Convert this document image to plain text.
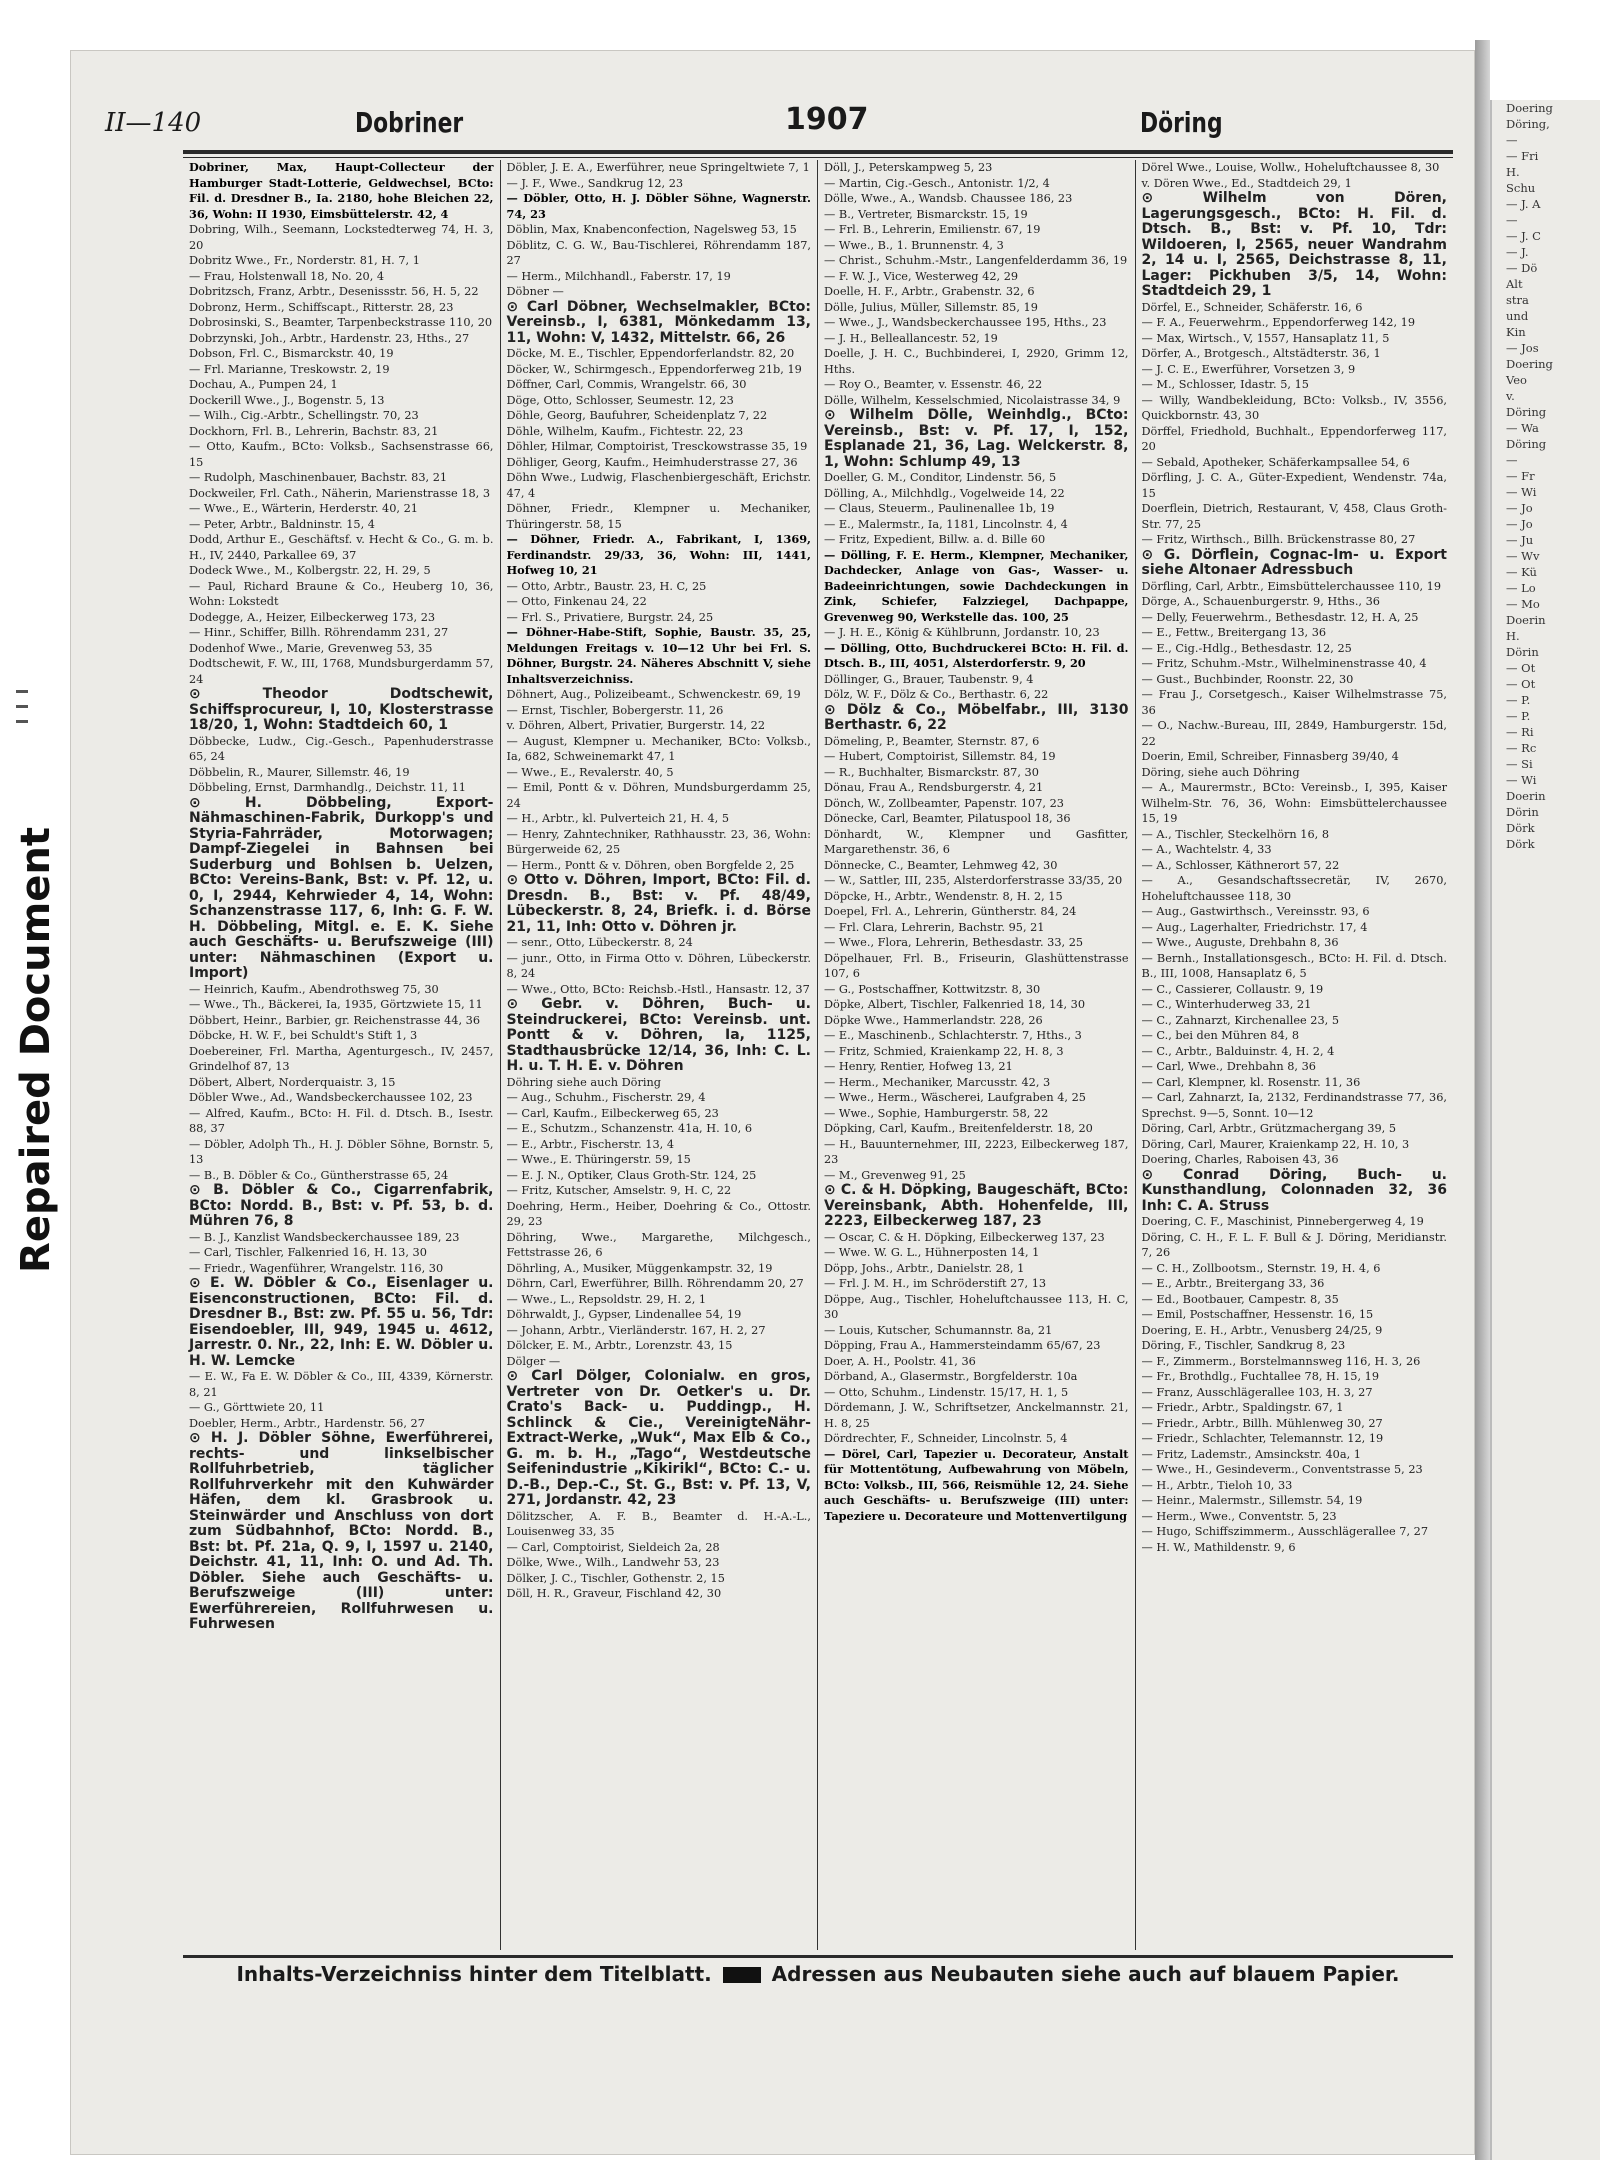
Repaired Document
Doering
Döring,
—
— Fri
H.
Schu
— J. A
—
— J. C
— J.
— Dö
Alt
stra
und
Kin
— Jos
Doering
Veo
v.
Döring
— Wa
Döring
—
— Fr
— Wi
— Jo
— Jo
— Ju
— Wv
— Kü
— Lo
— Mo
Doerin
H.
Dörin
— Ot
— Ot
— P.
— P.
— Ri
— Rc
— Si
— Wi
Doerin
Dörin
Dörk
Dörk
II—140	Dobriner	1907	Döring

Dobriner, Max, Haupt-Collecteur der Hamburger Stadt-Lotterie, Geldwechsel, BCto: Fil. d. Dresdner B., Ia. 2180, hohe Bleichen 22, 36, Wohn: II 1930, Eimsbüttelerstr. 42, 4

Dobring, Wilh., Seemann, Lockstedterweg 74, H. 3, 20

Dobritz Wwe., Fr., Norderstr. 81, H. 7, 1

— Frau, Holstenwall 18, No. 20, 4

Dobritzsch, Franz, Arbtr., Desenissstr. 56, H. 5, 22

Dobronz, Herm., Schiffscapt., Ritterstr. 28, 23

Dobrosinski, S., Beamter, Tarpenbeckstrasse 110, 20

Dobrzynski, Joh., Arbtr., Hardenstr. 23, Hths., 27

Dobson, Frl. C., Bismarckstr. 40, 19

— Frl. Marianne, Treskowstr. 2, 19

Dochau, A., Pumpen 24, 1

Dockerill Wwe., J., Bogenstr. 5, 13

— Wilh., Cig.-Arbtr., Schellingstr. 70, 23

Dockhorn, Frl. B., Lehrerin, Bachstr. 83, 21

— Otto, Kaufm., BCto: Volksb., Sachsenstrasse 66, 15

— Rudolph, Maschinenbauer, Bachstr. 83, 21

Dockweiler, Frl. Cath., Näherin, Marienstrasse 18, 3

— Wwe., E., Wärterin, Herderstr. 40, 21

— Peter, Arbtr., Baldninstr. 15, 4

Dodd, Arthur E., Geschäftsf. v. Hecht & Co., G. m. b. H., IV, 2440, Parkallee 69, 37

Dodeck Wwe., M., Kolbergstr. 22, H. 29, 5

— Paul, Richard Braune & Co., Heuberg 10, 36, Wohn: Lokstedt

Dodegge, A., Heizer, Eilbeckerweg 173, 23

— Hinr., Schiffer, Billh. Röhrendamm 231, 27

Dodenhof Wwe., Marie, Grevenweg 53, 35

Dodtschewit, F. W., III, 1768, Mundsburgerdamm 57, 24

⊙ Theodor Dodtschewit, Schiffsprocureur, I, 10, Klosterstrasse 18/20, 1, Wohn: Stadtdeich 60, 1

Döbbecke, Ludw., Cig.-Gesch., Papenhuderstrasse 65, 24

Döbbelin, R., Maurer, Sillemstr. 46, 19

Döbbeling, Ernst, Darmhandlg., Deichstr. 11, 11

⊙ H. Döbbeling, Export-Nähmaschinen-Fabrik, Durkopp's und Styria-Fahrräder, Motorwagen; Dampf-Ziegelei in Bahnsen bei Suderburg und Bohlsen b. Uelzen, BCto: Vereins-Bank, Bst: v. Pf. 12, u. 0, I, 2944, Kehrwieder 4, 14, Wohn: Schanzenstrasse 117, 6, Inh: G. F. W. H. Döbbeling, Mitgl. e. E. K. Siehe auch Geschäfts- u. Berufszweige (III) unter: Nähmaschinen (Export u. Import)

— Heinrich, Kaufm., Abendrothsweg 75, 30

— Wwe., Th., Bäckerei, Ia, 1935, Görtzwiete 15, 11

Döbbert, Heinr., Barbier, gr. Reichenstrasse 44, 36

Döbcke, H. W. F., bei Schuldt's Stift 1, 3

Doebereiner, Frl. Martha, Agenturgesch., IV, 2457, Grindelhof 87, 13

Döbert, Albert, Norderquaistr. 3, 15

Döbler Wwe., Ad., Wandsbeckerchaussee 102, 23

— Alfred, Kaufm., BCto: H. Fil. d. Dtsch. B., Isestr. 88, 37

— Döbler, Adolph Th., H. J. Döbler Söhne, Bornstr. 5, 13

— B., B. Döbler & Co., Güntherstrasse 65, 24

⊙ B. Döbler & Co., Cigarrenfabrik, BCto: Nordd. B., Bst: v. Pf. 53, b. d. Mühren 76, 8

— B. J., Kanzlist Wandsbeckerchaussee 189, 23

— Carl, Tischler, Falkenried 16, H. 13, 30

— Friedr., Wagenführer, Wrangelstr. 116, 30

⊙ E. W. Döbler & Co., Eisenlager u. Eisenconstructionen, BCto: Fil. d. Dresdner B., Bst: zw. Pf. 55 u. 56, Tdr: Eisendoebler, III, 949, 1945 u. 4612, Jarrestr. 0. Nr., 22, Inh: E. W. Döbler u. H. W. Lemcke

— E. W., Fa E. W. Döbler & Co., III, 4339, Körnerstr. 8, 21

— G., Görttwiete 20, 11

Doebler, Herm., Arbtr., Hardenstr. 56, 27

⊙ H. J. Döbler Söhne, Ewerführerei, rechts- und linkselbischer Rollfuhrbetrieb, täglicher Rollfuhrverkehr mit den Kuhwärder Häfen, dem kl. Grasbrook u. Steinwärder und Anschluss von dort zum Südbahnhof, BCto: Nordd. B., Bst: bt. Pf. 21a, Q. 9, I, 1597 u. 2140, Deichstr. 41, 11, Inh: O. und Ad. Th. Döbler. Siehe auch Geschäfts- u. Berufszweige (III) unter: Ewerführereien, Rollfuhrwesen u. Fuhrwesen

Döbler, J. E. A., Ewerführer, neue Springeltwiete 7, 1

— J. F., Wwe., Sandkrug 12, 23

— Döbler, Otto, H. J. Döbler Söhne, Wagnerstr. 74, 23

Döblin, Max, Knabenconfection, Nagelsweg 53, 15

Döblitz, C. G. W., Bau-Tischlerei, Röhrendamm 187, 27

— Herm., Milchhandl., Faberstr. 17, 19

Döbner —

⊙ Carl Döbner, Wechselmakler, BCto: Vereinsb., I, 6381, Mönkedamm 13, 11, Wohn: V, 1432, Mittelstr. 66, 26

Döcke, M. E., Tischler, Eppendorferlandstr. 82, 20

Döcker, W., Schirmgesch., Eppendorferweg 21b, 19

Döffner, Carl, Commis, Wrangelstr. 66, 30

Döge, Otto, Schlosser, Seumestr. 12, 23

Döhle, Georg, Baufuhrer, Scheidenplatz 7, 22

Döhle, Wilhelm, Kaufm., Fichtestr. 22, 23

Döhler, Hilmar, Comptoirist, Tresckowstrasse 35, 19

Döhliger, Georg, Kaufm., Heimhuderstrasse 27, 36

Döhn Wwe., Ludwig, Flaschenbiergeschäft, Erichstr. 47, 4

Döhner, Friedr., Klempner u. Mechaniker, Thüringerstr. 58, 15

— Döhner, Friedr. A., Fabrikant, I, 1369, Ferdinandstr. 29/33, 36, Wohn: III, 1441, Hofweg 10, 21

— Otto, Arbtr., Baustr. 23, H. C, 25

— Otto, Finkenau 24, 22

— Frl. S., Privatiere, Burgstr. 24, 25

— Döhner-Habe-Stift, Sophie, Baustr. 35, 25, Meldungen Freitags v. 10—12 Uhr bei Frl. S. Döhner, Burgstr. 24. Näheres Abschnitt V, siehe Inhaltsverzeichniss.

Döhnert, Aug., Polizeibeamt., Schwenckestr. 69, 19

— Ernst, Tischler, Bobergerstr. 11, 26

v. Döhren, Albert, Privatier, Burgerstr. 14, 22

— August, Klempner u. Mechaniker, BCto: Volksb., Ia, 682, Schweinemarkt 47, 1

— Wwe., E., Revalerstr. 40, 5

— Emil, Pontt & v. Döhren, Mundsburgerdamm 25, 24

— H., Arbtr., kl. Pulverteich 21, H. 4, 5

— Henry, Zahntechniker, Rathhausstr. 23, 36, Wohn: Bürgerweide 62, 25

— Herm., Pontt & v. Döhren, oben Borgfelde 2, 25

⊙ Otto v. Döhren, Import, BCto: Fil. d. Dresdn. B., Bst: v. Pf. 48/49, Lübeckerstr. 8, 24, Briefk. i. d. Börse 21, 11, Inh: Otto v. Döhren jr.

— senr., Otto, Lübeckerstr. 8, 24

— junr., Otto, in Firma Otto v. Döhren, Lübeckerstr. 8, 24

— Wwe., Otto, BCto: Reichsb.-Hstl., Hansastr. 12, 37

⊙ Gebr. v. Döhren, Buch- u. Steindruckerei, BCto: Vereinsb. unt. Pontt & v. Döhren, Ia, 1125, Stadthausbrücke 12/14, 36, Inh: C. L. H. u. T. H. E. v. Döhren

Döhring siehe auch Döring

— Aug., Schuhm., Fischerstr. 29, 4

— Carl, Kaufm., Eilbeckerweg 65, 23

— E., Schutzm., Schanzenstr. 41a, H. 10, 6

— E., Arbtr., Fischerstr. 13, 4

— Wwe., E. Thüringerstr. 59, 15

— E. J. N., Optiker, Claus Groth-Str. 124, 25

— Fritz, Kutscher, Amselstr. 9, H. C, 22

Doehring, Herm., Heiber, Doehring & Co., Ottostr. 29, 23

Döhring, Wwe., Margarethe, Milchgesch., Fettstrasse 26, 6

Döhrling, A., Musiker, Müggenkampstr. 32, 19

Döhrn, Carl, Ewerführer, Billh. Röhrendamm 20, 27

— Wwe., L., Repsoldstr. 29, H. 2, 1

Döhrwaldt, J., Gypser, Lindenallee 54, 19

— Johann, Arbtr., Vierländerstr. 167, H. 2, 27

Dölcker, E. M., Arbtr., Lorenzstr. 43, 15

Dölger —

⊙ Carl Dölger, Colonialw. en gros, Vertreter von Dr. Oetker's u. Dr. Crato's Back- u. Puddingp., H. Schlinck & Cie., VereinigteNähr-Extract-Werke, „Wuk“, Max Elb & Co., G. m. b. H., „Tago“, Westdeutsche Seifenindustrie „Kikirikl“, BCto: C.- u. D.-B., Dep.-C., St. G., Bst: v. Pf. 13, V, 271, Jordanstr. 42, 23

Dölitzscher, A. F. B., Beamter d. H.-A.-L., Louisenweg 33, 35

— Carl, Comptoirist, Sieldeich 2a, 28

Dölke, Wwe., Wilh., Landwehr 53, 23

Dölker, J. C., Tischler, Gothenstr. 2, 15

Döll, H. R., Graveur, Fischland 42, 30

Döll, J., Peterskampweg 5, 23

— Martin, Cig.-Gesch., Antonistr. 1/2, 4

Dölle, Wwe., A., Wandsb. Chaussee 186, 23

— B., Vertreter, Bismarckstr. 15, 19

— Frl. B., Lehrerin, Emilienstr. 67, 19

— Wwe., B., 1. Brunnenstr. 4, 3

— Christ., Schuhm.-Mstr., Langenfelderdamm 36, 19

— F. W. J., Vice, Westerweg 42, 29

Doelle, H. F., Arbtr., Grabenstr. 32, 6

Dölle, Julius, Müller, Sillemstr. 85, 19

— Wwe., J., Wandsbeckerchaussee 195, Hths., 23

— J. H., Belleallancestr. 52, 19

Doelle, J. H. C., Buchbinderei, I, 2920, Grimm 12, Hths.

— Roy O., Beamter, v. Essenstr. 46, 22

Dölle, Wilhelm, Kesselschmied, Nicolaistrasse 34, 9

⊙ Wilhelm Dölle, Weinhdlg., BCto: Vereinsb., Bst: v. Pf. 17, I, 152, Esplanade 21, 36, Lag. Welckerstr. 8, 1, Wohn: Schlump 49, 13

Doeller, G. M., Conditor, Lindenstr. 56, 5

Dölling, A., Milchhdlg., Vogelweide 14, 22

— Claus, Steuerm., Paulinenallee 1b, 19

— E., Malermstr., Ia, 1181, Lincolnstr. 4, 4

— Fritz, Expedient, Billw. a. d. Bille 60

— Dölling, F. E. Herm., Klempner, Mechaniker, Dachdecker, Anlage von Gas-, Wasser- u. Badeeinrichtungen, sowie Dachdeckungen in Zink, Schiefer, Falzziegel, Dachpappe, Grevenweg 90, Werkstelle das. 100, 25

— J. H. E., König & Kühlbrunn, Jordanstr. 10, 23

— Dölling, Otto, Buchdruckerei BCto: H. Fil. d. Dtsch. B., III, 4051, Alsterdorferstr. 9, 20

Döllinger, G., Brauer, Taubenstr. 9, 4

Dölz, W. F., Dölz & Co., Berthastr. 6, 22

⊙ Dölz & Co., Möbelfabr., III, 3130 Berthastr. 6, 22

Dömeling, P., Beamter, Sternstr. 87, 6

— Hubert, Comptoirist, Sillemstr. 84, 19

— R., Buchhalter, Bismarckstr. 87, 30

Dönau, Frau A., Rendsburgerstr. 4, 21

Dönch, W., Zollbeamter, Papenstr. 107, 23

Dönecke, Carl, Beamter, Pilatuspool 18, 36

Dönhardt, W., Klempner und Gasfitter, Margarethenstr. 36, 6

Dönnecke, C., Beamter, Lehmweg 42, 30

— W., Sattler, III, 235, Alsterdorferstrasse 33/35, 20

Döpcke, H., Arbtr., Wendenstr. 8, H. 2, 15

Doepel, Frl. A., Lehrerin, Güntherstr. 84, 24

— Frl. Clara, Lehrerin, Bachstr. 95, 21

— Wwe., Flora, Lehrerin, Bethesdastr. 33, 25

Döpelhauer, Frl. B., Friseurin, Glashüttenstrasse 107, 6

— G., Postschaffner, Kottwitzstr. 8, 30

Döpke, Albert, Tischler, Falkenried 18, 14, 30

Döpke Wwe., Hammerlandstr. 228, 26

— E., Maschinenb., Schlachterstr. 7, Hths., 3

— Fritz, Schmied, Kraienkamp 22, H. 8, 3

— Henry, Rentier, Hofweg 13, 21

— Herm., Mechaniker, Marcusstr. 42, 3

— Wwe., Herm., Wäscherei, Laufgraben 4, 25

— Wwe., Sophie, Hamburgerstr. 58, 22

Döpking, Carl, Kaufm., Breitenfelderstr. 18, 20

— H., Bauunternehmer, III, 2223, Eilbeckerweg 187, 23

— M., Grevenweg 91, 25

⊙ C. & H. Döpking, Baugeschäft, BCto: Vereinsbank, Abth. Hohenfelde, III, 2223, Eilbeckerweg 187, 23

— Oscar, C. & H. Döpking, Eilbeckerweg 137, 23

— Wwe. W. G. L., Hühnerposten 14, 1

Döpp, Johs., Arbtr., Danielstr. 28, 1

— Frl. J. M. H., im Schröderstift 27, 13

Döppe, Aug., Tischler, Hoheluftchaussee 113, H. C, 30

— Louis, Kutscher, Schumannstr. 8a, 21

Döpping, Frau A., Hammersteindamm 65/67, 23

Doer, A. H., Poolstr. 41, 36

Dörband, A., Glasermstr., Borgfelderstr. 10a

— Otto, Schuhm., Lindenstr. 15/17, H. 1, 5

Dördemann, J. W., Schriftsetzer, Anckelmannstr. 21, H. 8, 25

Dördrechter, F., Schneider, Lincolnstr. 5, 4

— Dörel, Carl, Tapezier u. Decorateur, Anstalt für Mottentötung, Aufbewahrung von Möbeln, BCto: Volksb., III, 566, Reismühle 12, 24. Siehe auch Geschäfts- u. Berufszweige (III) unter: Tapeziere u. Decorateure und Mottenvertilgung

Dörel Wwe., Louise, Wollw., Hoheluftchaussee 8, 30

v. Dören Wwe., Ed., Stadtdeich 29, 1

⊙ Wilhelm von Dören, Lagerungsgesch., BCto: H. Fil. d. Dtsch. B., Bst: v. Pf. 10, Tdr: Wildoeren, I, 2565, neuer Wandrahm 2, 14 u. I, 2565, Deichstrasse 8, 11, Lager: Pickhuben 3/5, 14, Wohn: Stadtdeich 29, 1

Dörfel, E., Schneider, Schäferstr. 16, 6

— F. A., Feuerwehrm., Eppendorferweg 142, 19

— Max, Wirtsch., V, 1557, Hansaplatz 11, 5

Dörfer, A., Brotgesch., Altstädterstr. 36, 1

— J. C. E., Ewerführer, Vorsetzen 3, 9

— M., Schlosser, Idastr. 5, 15

— Willy, Wandbekleidung, BCto: Volksb., IV, 3556, Quickbornstr. 43, 30

Dörffel, Friedhold, Buchhalt., Eppendorferweg 117, 20

— Sebald, Apotheker, Schäferkampsallee 54, 6

Dörfling, J. C. A., Güter-Expedient, Wendenstr. 74a, 15

Doerflein, Dietrich, Restaurant, V, 458, Claus Groth-Str. 77, 25

— Fritz, Wirthsch., Billh. Brückenstrasse 80, 27

⊙ G. Dörflein, Cognac-Im- u. Export siehe Altonaer Adressbuch

Dörfling, Carl, Arbtr., Eimsbüttelerchaussee 110, 19

Dörge, A., Schauenburgerstr. 9, Hths., 36

— Delly, Feuerwehrm., Bethesdastr. 12, H. A, 25

— E., Fettw., Breitergang 13, 36

— E., Cig.-Hdlg., Bethesdastr. 12, 25

— Fritz, Schuhm.-Mstr., Wilhelminenstrasse 40, 4

— Gust., Buchbinder, Roonstr. 22, 30

— Frau J., Corsetgesch., Kaiser Wilhelmstrasse 75, 36

— O., Nachw.-Bureau, III, 2849, Hamburgerstr. 15d, 22

Doerin, Emil, Schreiber, Finnasberg 39/40, 4

Döring, siehe auch Döhring

— A., Maurermstr., BCto: Vereinsb., I, 395, Kaiser Wilhelm-Str. 76, 36, Wohn: Eimsbüttelerchaussee 15, 19

— A., Tischler, Steckelhörn 16, 8

— A., Wachtelstr. 4, 33

— A., Schlosser, Käthnerort 57, 22

— A., Gesandschaftssecretär, IV, 2670, Hoheluftchaussee 118, 30

— Aug., Gastwirthsch., Vereinsstr. 93, 6

— Aug., Lagerhalter, Friedrichstr. 17, 4

— Wwe., Auguste, Drehbahn 8, 36

— Bernh., Installationsgesch., BCto: H. Fil. d. Dtsch. B., III, 1008, Hansaplatz 6, 5

— C., Cassierer, Collaustr. 9, 19

— C., Winterhuderweg 33, 21

— C., Zahnarzt, Kirchenallee 23, 5

— C., bei den Mühren 84, 8

— C., Arbtr., Balduinstr. 4, H. 2, 4

— Carl, Wwe., Drehbahn 8, 36

— Carl, Klempner, kl. Rosenstr. 11, 36

— Carl, Zahnarzt, Ia, 2132, Ferdinandstrasse 77, 36, Sprechst. 9—5, Sonnt. 10—12

Döring, Carl, Arbtr., Grützmachergang 39, 5

Döring, Carl, Maurer, Kraienkamp 22, H. 10, 3

Doering, Charles, Raboisen 43, 36

⊙ Conrad Döring, Buch- u. Kunsthandlung, Colonnaden 32, 36 Inh: C. A. Struss

Doering, C. F., Maschinist, Pinnebergerweg 4, 19

Döring, C. H., F. L. F. Bull & J. Döring, Meridianstr. 7, 26

— C. H., Zollbootsm., Sternstr. 19, H. 4, 6

— E., Arbtr., Breitergang 33, 36

— Ed., Bootbauer, Campestr. 8, 35

— Emil, Postschaffner, Hessenstr. 16, 15

Doering, E. H., Arbtr., Venusberg 24/25, 9

Döring, F., Tischler, Sandkrug 8, 23

— F., Zimmerm., Borstelmannsweg 116, H. 3, 26

— Fr., Brothdlg., Fuchtallee 78, H. 15, 19

— Franz, Ausschlägerallee 103, H. 3, 27

— Friedr., Arbtr., Spaldingstr. 67, 1

— Friedr., Arbtr., Billh. Mühlenweg 30, 27

— Friedr., Schlachter, Telemannstr. 12, 19

— Fritz, Lademstr., Amsinckstr. 40a, 1

— Wwe., H., Gesindeverm., Conventstrasse 5, 23

— H., Arbtr., Tieloh 10, 33

— Heinr., Malermstr., Sillemstr. 54, 19

— Herm., Wwe., Conventstr. 5, 23

— Hugo, Schiffszimmerm., Ausschlägerallee 7, 27

— H. W., Mathildenstr. 9, 6

Inhalts-Verzeichniss hinter dem Titelblatt.	Adressen aus Neubauten siehe auch auf blauem Papier.
